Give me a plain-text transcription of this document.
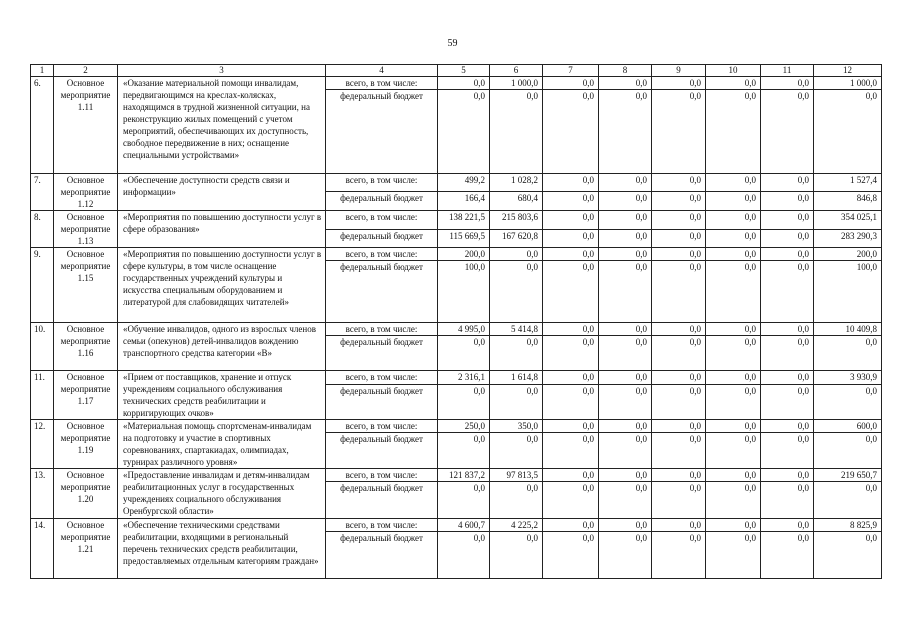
59
1	2	3	4	5	6	7	8	9	10	11	12
6.	Основное мероприятие 1.11	«Оказание материальной помощи инвалидам, передвигающимся на креслах-колясках, находящимся в трудной жизненной ситуации, на реконструкцию жилых помещений с учетом мероприятий, обеспечивающих их доступность, свободное передвижение в них; оснащение специальными устройствами»	всего, в том числе:	0,0	1 000,0	0,0	0,0	0,0	0,0	0,0	1 000,0
			федеральный бюджет	0,0	0,0	0,0	0,0	0,0	0,0	0,0	0,0
7.	Основное мероприятие 1.12	«Обеспечение доступности средств связи и информации»	всего, в том числе:	499,2	1 028,2	0,0	0,0	0,0	0,0	0,0	1 527,4
			федеральный бюджет	166,4	680,4	0,0	0,0	0,0	0,0	0,0	846,8
8.	Основное мероприятие 1.13	«Мероприятия по повышению доступности услуг в сфере образования»	всего, в том числе:	138 221,5	215 803,6	0,0	0,0	0,0	0,0	0,0	354 025,1
			федеральный бюджет	115 669,5	167 620,8	0,0	0,0	0,0	0,0	0,0	283 290,3
9.	Основное мероприятие 1.15	«Мероприятия по повышению доступности услуг в сфере культуры, в том числе оснащение государственных учреждений культуры и искусства специальным оборудованием и литературой для слабовидящих читателей»	всего, в том числе:	200,0	0,0	0,0	0,0	0,0	0,0	0,0	200,0
			федеральный бюджет	100,0	0,0	0,0	0,0	0,0	0,0	0,0	100,0
10.	Основное мероприятие 1.16	«Обучение инвалидов, одного из взрослых членов семьи (опекунов) детей-инвалидов вождению транспортного средства категории «В»	всего, в том числе:	4 995,0	5 414,8	0,0	0,0	0,0	0,0	0,0	10 409,8
			федеральный бюджет	0,0	0,0	0,0	0,0	0,0	0,0	0,0	0,0
11.	Основное мероприятие 1.17	«Прием от поставщиков, хранение и отпуск учреждениям социального обслуживания технических средств реабилитации и корригирующих очков»	всего, в том числе:	2 316,1	1 614,8	0,0	0,0	0,0	0,0	0,0	3 930,9
			федеральный бюджет	0,0	0,0	0,0	0,0	0,0	0,0	0,0	0,0
12.	Основное мероприятие 1.19	«Материальная помощь спортсменам-инвалидам на подготовку и участие в спортивных соревнованиях, спартакиадах, олимпиадах, турнирах различного уровня»	всего, в том числе:	250,0	350,0	0,0	0,0	0,0	0,0	0,0	600,0
			федеральный бюджет	0,0	0,0	0,0	0,0	0,0	0,0	0,0	0,0
13.	Основное мероприятие 1.20	«Предоставление инвалидам и детям-инвалидам реабилитационных услуг в государственных учреждениях социального обслуживания Оренбургской области»	всего, в том числе:	121 837,2	97 813,5	0,0	0,0	0,0	0,0	0,0	219 650,7
			федеральный бюджет	0,0	0,0	0,0	0,0	0,0	0,0	0,0	0,0
14.	Основное мероприятие 1.21	«Обеспечение техническими средствами реабилитации, входящими в региональный перечень технических средств реабилитации, предоставляемых отдельным категориям граждан»	всего, в том числе:	4 600,7	4 225,2	0,0	0,0	0,0	0,0	0,0	8 825,9
			федеральный бюджет	0,0	0,0	0,0	0,0	0,0	0,0	0,0	0,0
